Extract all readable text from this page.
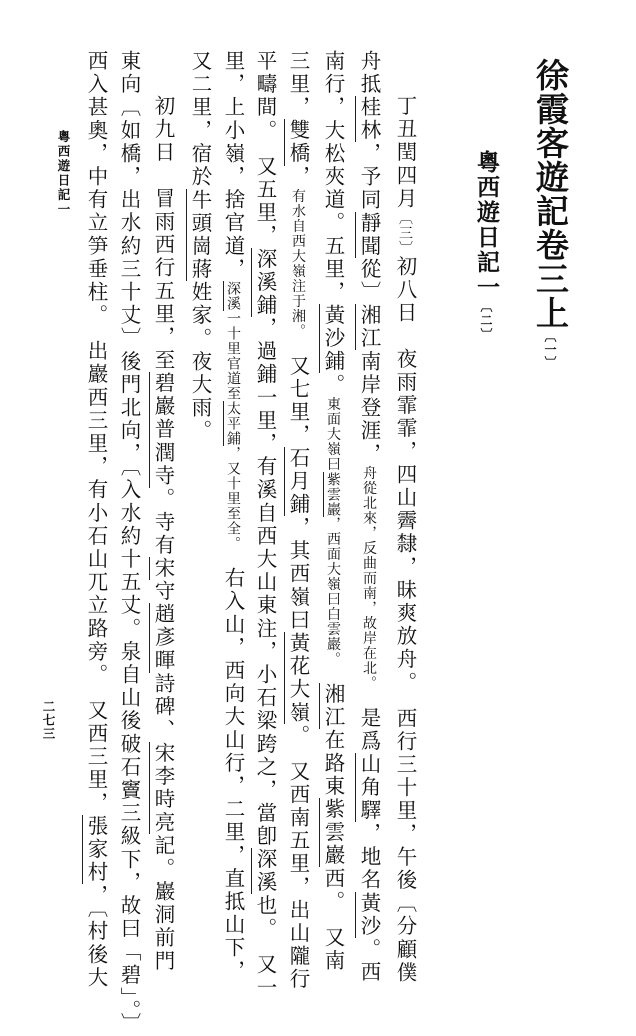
徐霞客遊記卷三上〔一〕
粵西遊日記一〔二〕
丁丑閏四月〔三〕初八日　夜雨霏霏，四山霽隸，昧爽放舟。　西行三十里，午後〔分顧僕
舟抵桂林，予同靜聞從〕湘江南岸登涯，舟從北來，反曲而南，故岸在北。　是爲山角驛，地名黃沙。西
南行，大松夾道。五里，黃沙鋪。東面大嶺曰紫雲巖，西面大嶺曰白雲巖。　湘江在路東紫雲巖西。　又南
三里，雙橋，有水自西大嶺注于湘。　又七里，石月鋪，其西嶺曰黃花大嶺。　又西南五里，出山隴行
平疇間。　又五里，深溪鋪，過鋪一里，有溪自西大山東注，小石梁跨之，當卽深溪也。　又一
里，上小嶺，捨官道，深溪一十里官道至太平鋪，又十里至全。　右入山，西向大山行，二里，直抵山下，
又二里，宿於牛頭崗蔣姓家。夜大雨。
初九日　冒雨西行五里，至碧巖普潤寺。寺有宋守趙彥暉詩碑、宋李時亮記。巖洞前門
東向〔如橋，出水約三十丈〕後門北向，〔入水約十五丈。泉自山後破石竇三級下，故曰「碧」。〕
西入甚奧，中有立笋垂柱。　出巖西三里，有小石山兀立路旁。　又西三里，張家村，〔村後大
粵西遊日記一
二七三
